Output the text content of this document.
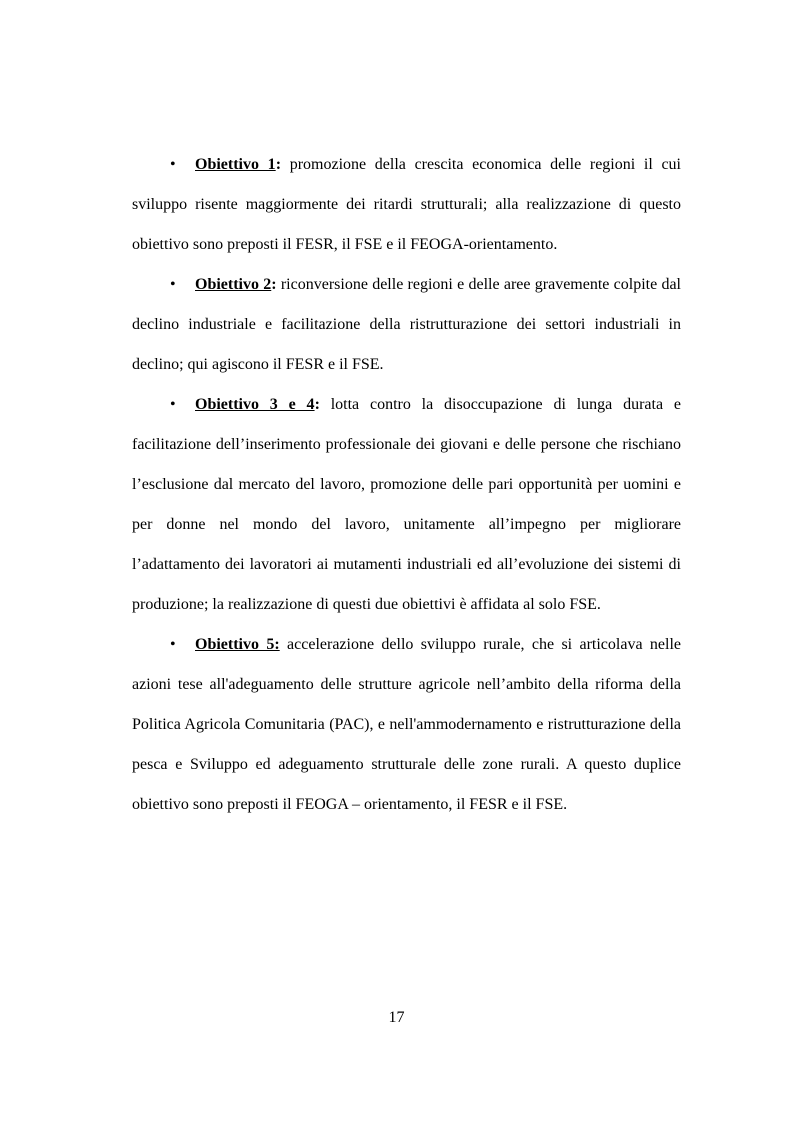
• Obiettivo 1: promozione della crescita economica delle regioni il cui sviluppo risente maggiormente dei ritardi strutturali; alla realizzazione di questo obiettivo sono preposti il FESR, il FSE e il FEOGA-orientamento.

• Obiettivo 2: riconversione delle regioni e delle aree gravemente colpite dal declino industriale e facilitazione della ristrutturazione dei settori industriali in declino; qui agiscono il FESR e il FSE.

• Obiettivo 3 e 4: lotta contro la disoccupazione di lunga durata e facilitazione dell’inserimento professionale dei giovani e delle persone che rischiano l’esclusione dal mercato del lavoro, promozione delle pari opportunità per uomini e per donne nel mondo del lavoro, unitamente all’impegno per migliorare l’adattamento dei lavoratori ai mutamenti industriali ed all’evoluzione dei sistemi di produzione; la realizzazione di questi due obiettivi è affidata al solo FSE.

• Obiettivo 5: accelerazione dello sviluppo rurale, che si articolava nelle azioni tese all'adeguamento delle strutture agricole nell’ambito della riforma della Politica Agricola Comunitaria (PAC), e nell'ammodernamento e ristrutturazione della pesca e Sviluppo ed adeguamento strutturale delle zone rurali. A questo duplice obiettivo sono preposti il FEOGA – orientamento, il FESR e il FSE.

17
